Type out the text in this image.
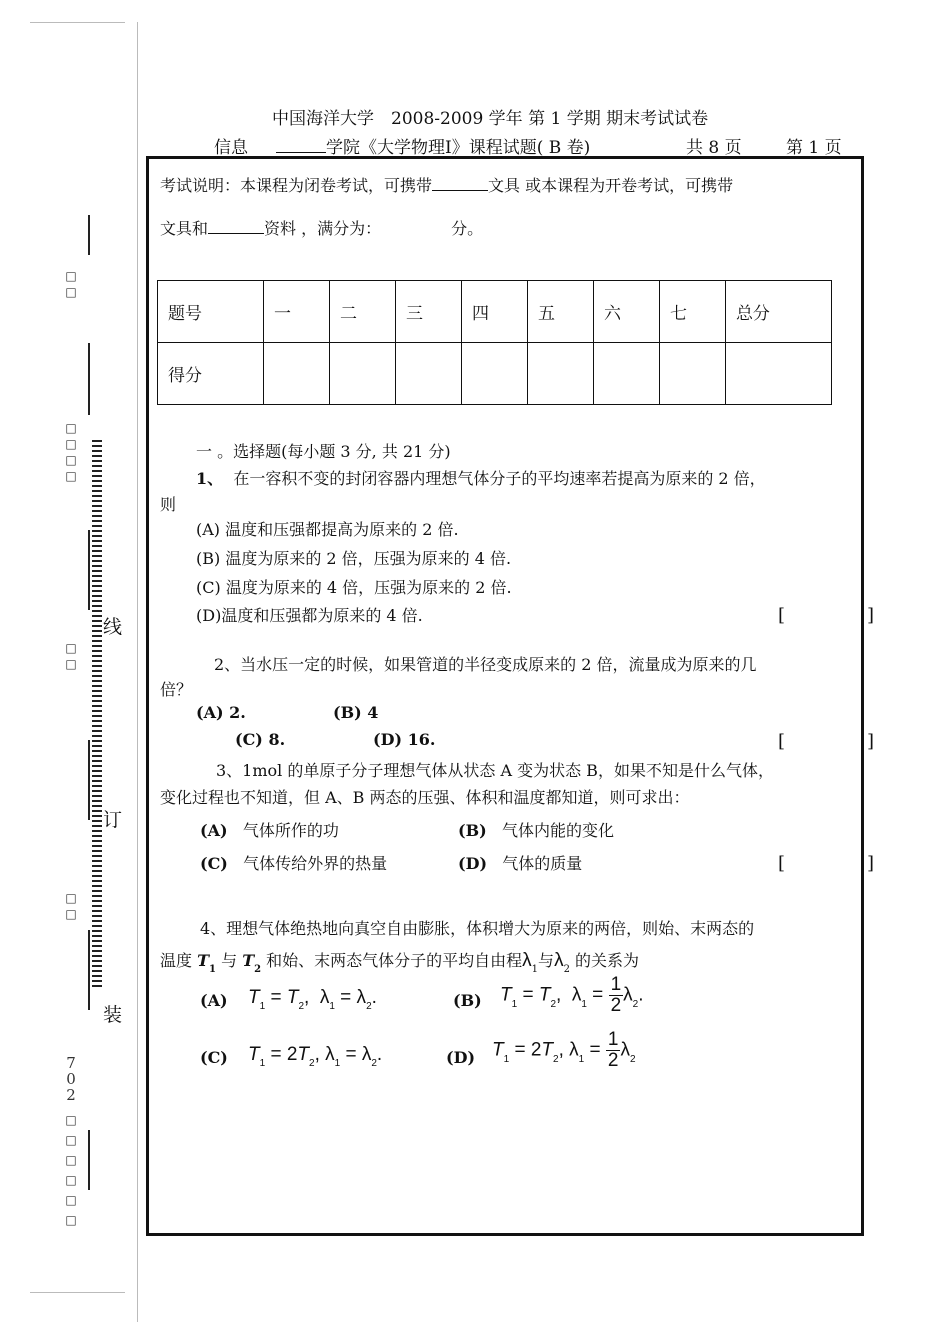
□
□
□
□
□
□
□
□
□
□
7 0 2
□
□
□
□
□
□
线
订
装
中国海洋大学　2008-2009 学年 第 1 学期 期末考试试卷
信息	学院《大学物理Ⅰ》课程试题( B 卷)	共 8 页	第 1 页
考试说明：本课程为闭卷考试，可携带	文具 或本课程为开卷考试，可携带
文具和	资料 ，满分为：	分。
题号	一	二	三	四	五	六	七	总分
得分								
一 。选择题(每小题 3 分, 共 21 分)
1、 在一容积不变的封闭容器内理想气体分子的平均速率若提高为原来的 2 倍，
则
(A) 温度和压强都提高为原来的 2 倍.
(B) 温度为原来的 2 倍，压强为原来的 4 倍.
(C) 温度为原来的 4 倍，压强为原来的 2 倍.
(D)温度和压强都为原来的 4 倍.	[　]
2、当水压一定的时候，如果管道的半径变成原来的 2 倍，流量成为原来的几
倍？
(A) 2.	(B) 4
(C) 8.	(D) 16.	[　]
3、1mol 的单原子分子理想气体从状态 A 变为状态 B，如果不知是什么气体，
变化过程也不知道，但 A、B 两态的压强、体积和温度都知道，则可求出：
(A) 气体所作的功	(B) 气体内能的变化
(C) 气体传给外界的热量	(D) 气体的质量	[　]
4、理想气体绝热地向真空自由膨胀，体积增大为原来的两倍，则始、末两态的
温度 $T_1$ 与 $T_2$ 和始、末两态气体分子的平均自由程$\lambda_1$与$\lambda_2$ 的关系为
(A) $T_1 = T_2$,  $\lambda_1 = \lambda_2$.	(B) $T_1 = T_2$,  $\lambda_1 = \frac{1}{2} \lambda_2$.
(C) $T_1 = 2T_2$, $\lambda_1 = \lambda_2$.	(D) $T_1 = 2T_2$, $\lambda_1 = \frac{1}{2} \lambda_2$
